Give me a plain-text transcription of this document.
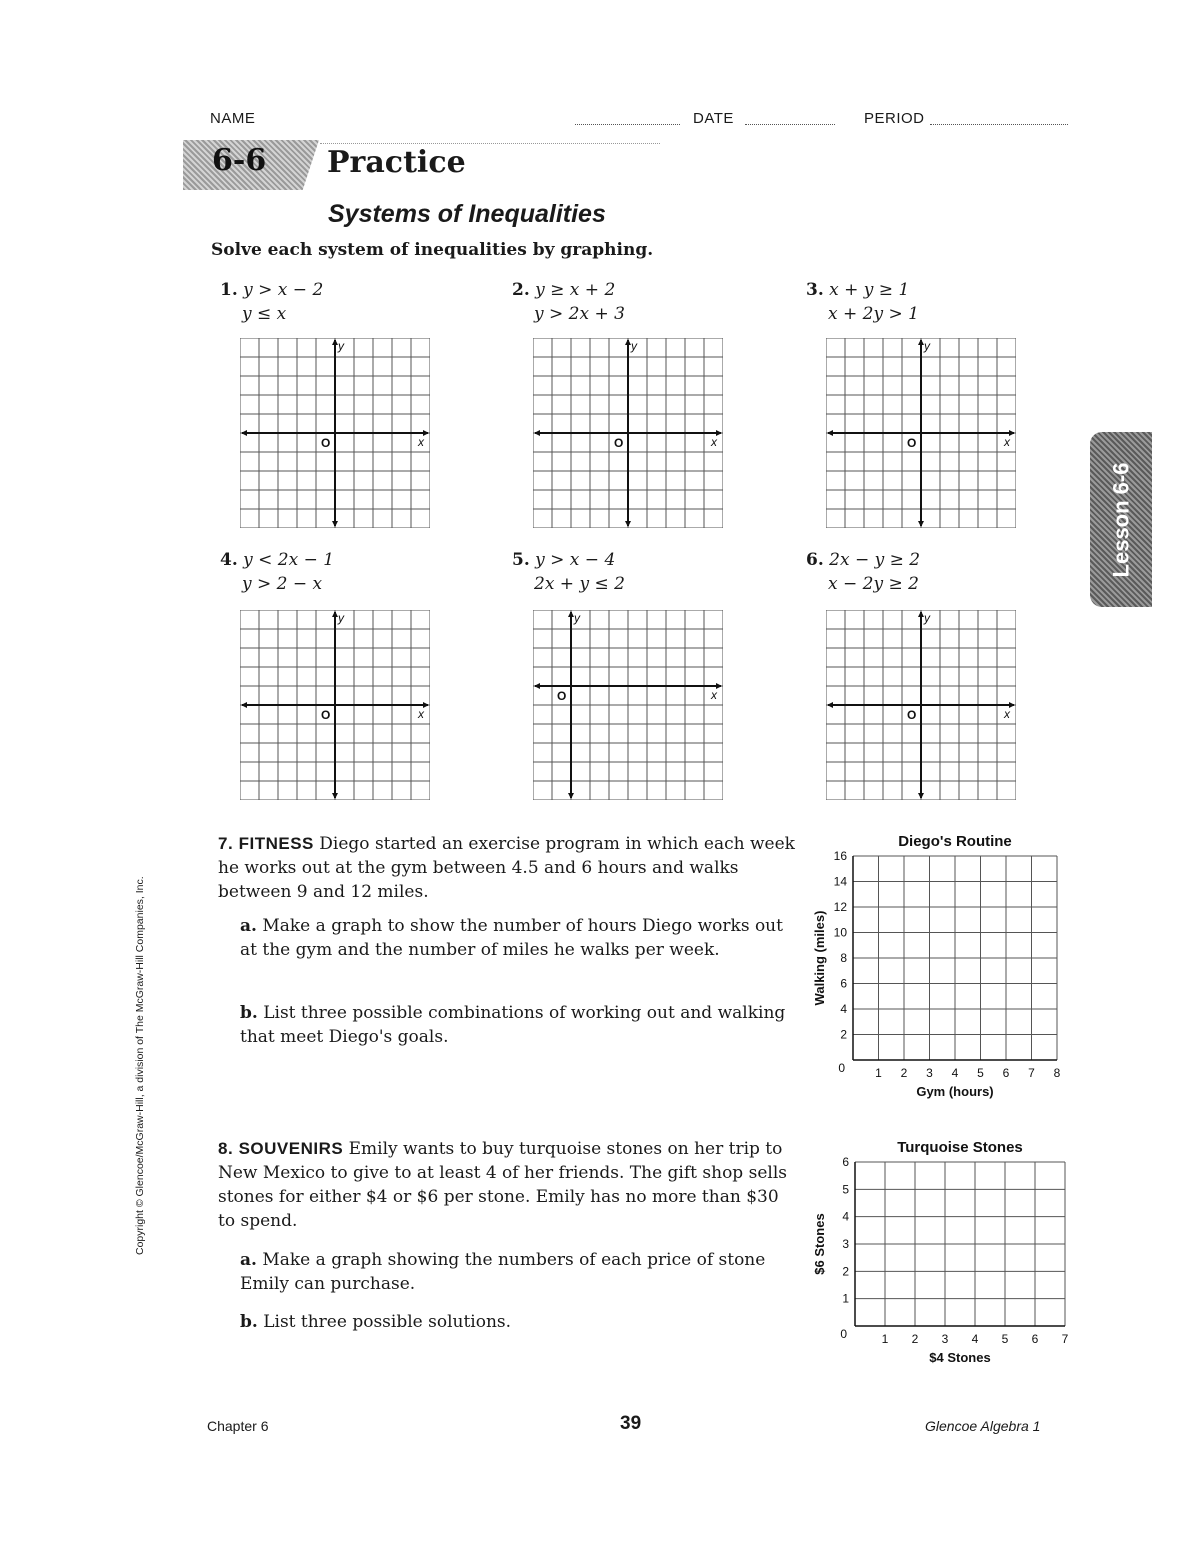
NAME	DATE	PERIOD
6-6 Practice
Systems of Inequalities
Solve each system of inequalities by graphing.
1. y > x − 2
y ≤ x
2. y ≥ x + 2
y > 2x + 3
3. x + y ≥ 1
x + 2y > 1
4. y < 2x − 1
y > 2 − x
5. y > x − 4
2x + y ≤ 2
6. 2x − y ≥ 2
x − 2y ≥ 2
x
y
O	x
y
O	x
y
O
x
y
O
x
y
O
x
y
O
7. FITNESS Diego started an exercise program in which each week he works out at the gym between 4.5 and 6 hours and walks between 9 and 12 miles.
a. Make a graph to show the number of hours Diego works out at the gym and the number of miles he walks per week.
b. List three possible combinations of working out and walking that meet Diego's goals.
8. SOUVENIRS Emily wants to buy turquoise stones on her trip to New Mexico to give to at least 4 of her friends. The gift shop sells stones for either $4 or $6 per stone. Emily has no more than $30 to spend.
a. Make a graph showing the numbers of each price of stone Emily can purchase.
b. List three possible solutions.
Diego's Routine
1 2 3 4 5 6 7 8
2
4
6
8
10
12
14
16
0
Gym (hours)
Walking (miles)
Turquoise Stones
1 2 3 4 5 6 7
1
2
3
4
5
6
0
$4 Stones
$6 Stones
Lesson 6-6
Copyright © Glencoe/McGraw-Hill, a division of The McGraw-Hill Companies, Inc.
Chapter 6	39	Glencoe Algebra 1
